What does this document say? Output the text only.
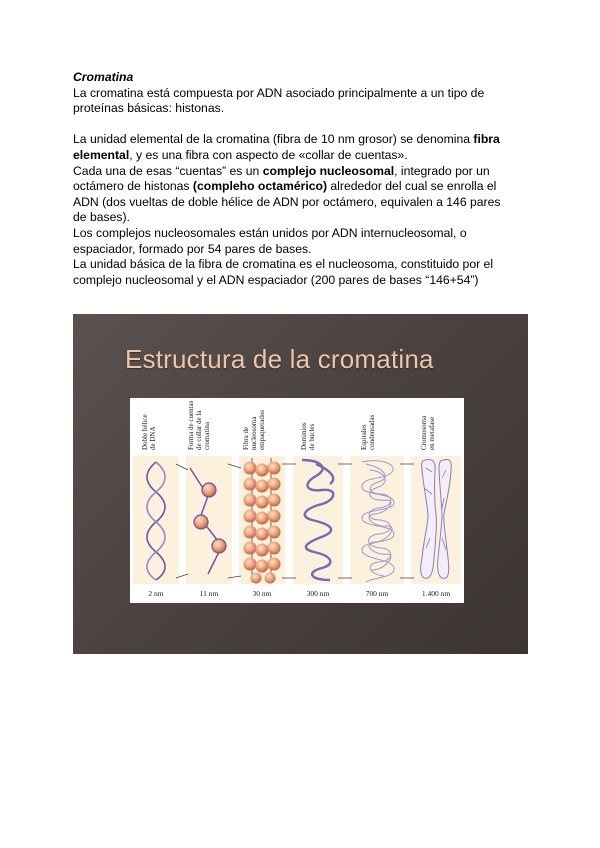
Cromatina

La cromatina está compuesta por ADN asociado principalmente a un tipo de proteínas básicas: histonas.

La unidad elemental de la cromatina (fibra de 10 nm grosor) se denomina fibra elemental, y es una fibra con aspecto de «collar de cuentas».

Cada una de esas “cuentas” es un complejo nucleosomal, integrado por un octámero de histonas (compleho octamérico) alrededor del cual se enrolla el ADN (dos vueltas de doble hélice de ADN por octámero, equivalen a 146 pares de bases).

Los complejos nucleosomales están unidos por ADN internucleosomal, o espaciador, formado por 54 pares de bases.

La unidad básica de la fibra de cromatina es el nucleosoma, constituido por el complejo nucleosomal y el ADN espaciador (200 pares de bases “146+54”)

Estructura de la cromatina
Doble hélice de DNA	Forma de cuentas de collar de la cromatina	Fibra de nucleosoma empaquetados	Dominios de bucles	Espirales condensadas	Cromosoma en metafase
2 nm	11 nm	30 nm	300 nm	700 nm	1.400 nm
